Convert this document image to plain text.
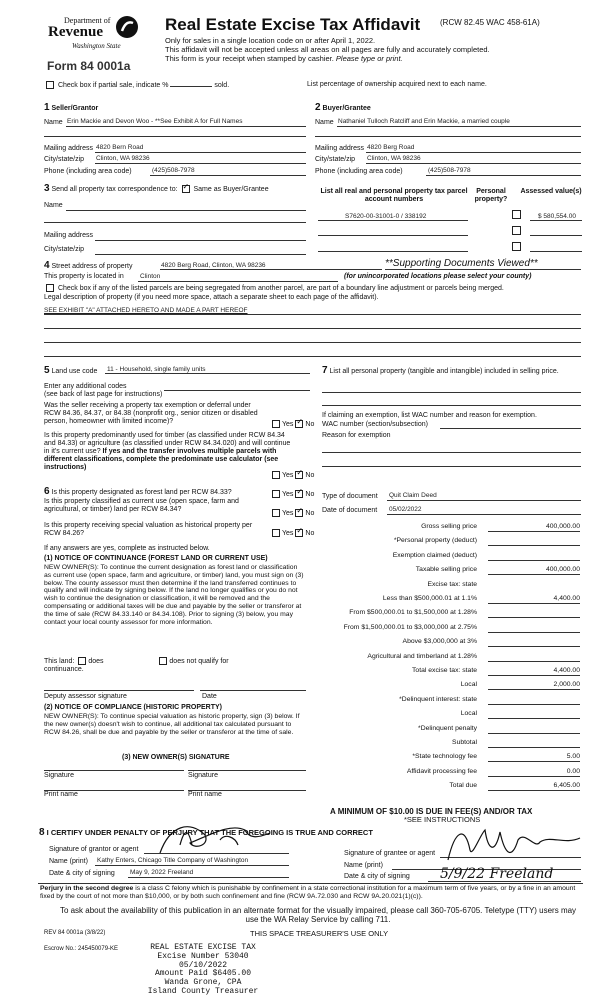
Department of
Revenue
Washington State
Form 84 0001a
Real Estate Excise Tax Affidavit (RCW 82.45 WAC 458-61A)
Only for sales in a single location code on or after April 1, 2022.
This affidavit will not be accepted unless all areas on all pages are fully and accurately completed.
This form is your receipt when stamped by cashier. Please type or print.
Check box if partial sale, indicate %	sold.	List percentage of ownership acquired next to each name.
1 Seller/Grantor
Name Erin Mackie and Devon Woo - **See Exhibit A for Full Names
Mailing address 4820 Bern Road
City/state/zip Clinton, WA 98236
Phone (including area code)	(425)508-7978
2 Buyer/Grantee
Name Nathaniel Tulloch Ratcliff and Erin Mackie, a married couple
Mailing address 4820 Berg Road
City/state/zip Clinton, WA 98236
Phone (including area code)	(425)508-7978
3 Send all property tax correspondence to: ✓ Same as Buyer/Grantee
Name
Mailing address
City/state/zip
List all real and personal property tax parcel account numbers
Personal property?
Assessed value(s)
S7620-00-31001-0 / 338192	$ 580,554.00
4 Street address of property	4820 Berg Road, Clinton, WA 98236	**Supporting Documents Viewed**
This property is located in Clinton	(for unincorporated locations please select your county)
Check box if any of the listed parcels are being segregated from another parcel, are part of a boundary line adjustment or parcels being merged.
Legal description of property (if you need more space, attach a separate sheet to each page of the affidavit).
SEE EXHIBIT "A" ATTACHED HERETO AND MADE A PART HEREOF
5 Land use code 11 - Household, single family units
Enter any additional codes
(see back of last page for instructions)
Was the seller receiving a property tax exemption or deferral under RCW 84.36, 84.37, or 84.38 (nonprofit org., senior citizen or disabled person, homeowner with limited income)?	Yes ✓ No
Is this property predominantly used for timber (as classified under RCW 84.34 and 84.33) or agriculture (as classified under RCW 84.34.020) and will continue in it's current use? If yes and the transfer involves multiple parcels with different classifications, complete the predominate use calculator (see instructions)
Yes ✓ No
7 List all personal property (tangible and intangible) included in selling price.
If claiming an exemption, list WAC number and reason for exemption.
WAC number (section/subsection)
Reason for exemption
6 Is this property designated as forest land per RCW 84.33?	Yes ✓ No
Is this property classified as current use (open space, farm and agricultural, or timber) land per RCW 84.34?
Yes ✓ No
Is this property receiving special valuation as historical property per RCW 84.26?	Yes ✓ No
If any answers are yes, complete as instructed below.
(1) NOTICE OF CONTINUANCE (FOREST LAND OR CURRENT USE)
NEW OWNER(S): To continue the current designation as forest land or classification as current use (open space, farm and agriculture, or timber) land, you must sign on (3) below. The county assessor must then determine if the land transferred continues to qualify and will indicate by signing below. If the land no longer qualifies or you do not wish to continue the designation or classification, it will be removed and the compensating or additional taxes will be due and payable by the seller or transferor at the time of sale (RCW 84.33.140 or 84.34.108). Prior to signing (3) below, you may contact your local county assessor for more information.
This land: does	does not qualify for
continuance.
Deputy assessor signature	Date
(2) NOTICE OF COMPLIANCE (HISTORIC PROPERTY)
NEW OWNER(S): To continue special valuation as historic property, sign (3) below. If the new owner(s) doesn't wish to continue, all additional tax calculated pursuant to RCW 84.26, shall be due and payable by the seller or transferor at the time of sale.
(3) NEW OWNER(S) SIGNATURE
Signature	Signature
Print name	Print name
Type of document Quit Claim Deed
Date of document 05/02/2022
Gross selling price	400,000.00
*Personal property (deduct)
Exemption claimed (deduct)
Taxable selling price	400,000.00
Excise tax: state
Less than $500,000.01 at 1.1%	4,400.00
From $500,000.01 to $1,500,000 at 1.28%
From $1,500,000.01 to $3,000,000 at 2.75%
Above $3,000,000 at 3%
Agricultural and timberland at 1.28%
Total excise tax: state	4,400.00
Local	2,000.00
*Delinquent interest: state
Local
*Delinquent penalty
Subtotal
*State technology fee	5.00
Affidavit processing fee	0.00
Total due	6,405.00
A MINIMUM OF $10.00 IS DUE IN FEE(S) AND/OR TAX
*SEE INSTRUCTIONS
8 I CERTIFY UNDER PENALTY OF PERJURY THAT THE FOREGOING IS TRUE AND CORRECT
Signature of grantor or agent
Name (print) Kathy Enters, Chicago Title Company of Washington
Date & city of signing May 9, 2022 Freeland
Signature of grantee or agent
Name (print)
Date & city of signing 5/9/22 Freeland
Perjury in the second degree is a class C felony which is punishable by confinement in a state correctional institution for a maximum term of five years, or by a fine in an amount fixed by the court of not more than $10,000, or by both such confinement and fine (RCW 9A.72.030 and RCW 9A.20.021(1)(c)).
To ask about the availability of this publication in an alternate format for the visually impaired, please call 360-705-6705. Teletype (TTY) users may use the WA Relay Service by calling 711.
REV 84 0001a (3/8/22)	THIS SPACE TREASURER'S USE ONLY
Escrow No.: 245450079-KE	REAL ESTATE EXCISE TAX
Excise Number 53040
05/10/2022
Amount Paid $6405.00
Wanda Grone, CPA
Island County Treasurer
